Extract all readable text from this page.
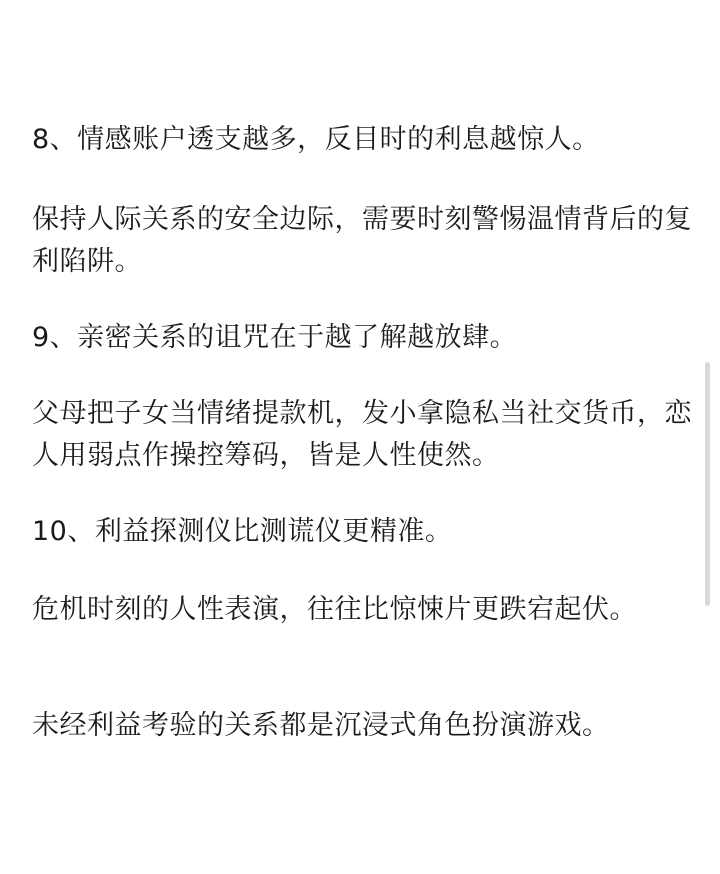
8、情感账户透支越多，反目时的利息越惊人。
保持人际关系的安全边际，需要时刻警惕温情背后的复利陷阱。
9、亲密关系的诅咒在于越了解越放肆。
父母把子女当情绪提款机，发小拿隐私当社交货币，恋人用弱点作操控筹码，皆是人性使然。
10、利益探测仪比测谎仪更精准。
危机时刻的人性表演，往往比惊悚片更跌宕起伏。
未经利益考验的关系都是沉浸式角色扮演游戏。
